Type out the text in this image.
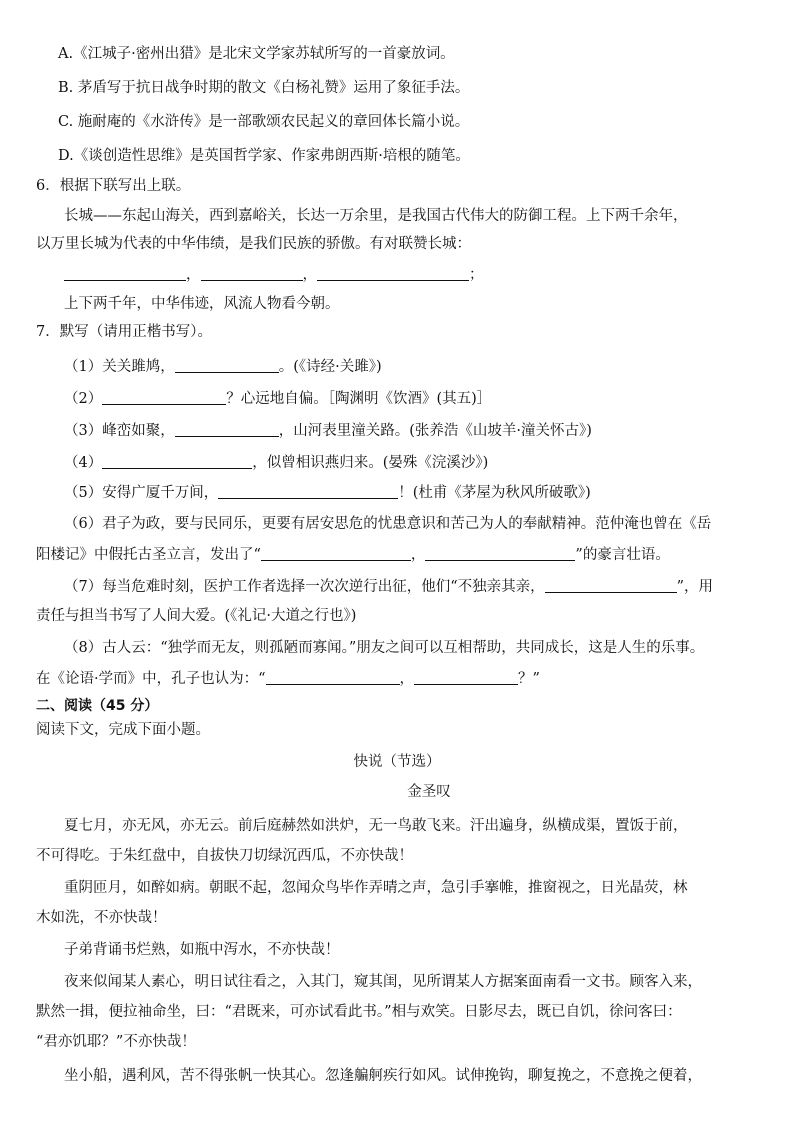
A.《江城子·密州出猎》是北宋文学家苏轼所写的一首豪放词。
B. 茅盾写于抗日战争时期的散文《白杨礼赞》运用了象征手法。
C. 施耐庵的《水浒传》是一部歌颂农民起义的章回体长篇小说。
D.《谈创造性思维》是英国哲学家、作家弗朗西斯·培根的随笔。
6．根据下联写出上联。
长城——东起山海关，西到嘉峪关，长达一万余里，是我国古代伟大的防御工程。上下两千余年，
以万里长城为代表的中华伟绩，是我们民族的骄傲。有对联赞长城：
，	，	；
上下两千年，中华伟迹，风流人物看今朝。
7．默写（请用正楷书写）。
（1）关关雎鸠，	。(《诗经·关雎》)
（2）	？心远地自偏。［陶渊明《饮酒》(其五)］
（3）峰峦如聚，	，山河表里潼关路。(张养浩《山坡羊·潼关怀古》)
（4）	，似曾相识燕归来。(晏殊《浣溪沙》)
（5）安得广厦千万间，	！(杜甫《茅屋为秋风所破歌》)
（6）君子为政，要与民同乐，更要有居安思危的忧患意识和苦己为人的奉献精神。范仲淹也曾在《岳
阳楼记》中假托古圣立言，发出了“	，	”的豪言壮语。
（7）每当危难时刻，医护工作者选择一次次逆行出征，他们“不独亲其亲，	”，用
责任与担当书写了人间大爱。(《礼记·大道之行也》)
（8）古人云：“独学而无友，则孤陋而寡闻。”朋友之间可以互相帮助，共同成长，这是人生的乐事。
在《论语·学而》中，孔子也认为：“	，	？”
二、阅读（45 分）
阅读下文，完成下面小题。
快说（节选）
金圣叹
夏七月，亦无风，亦无云。前后庭赫然如洪炉，无一鸟敢飞来。汗出遍身，纵横成渠，置饭于前，
不可得吃。于朱红盘中，自拔快刀切绿沉西瓜，不亦快哉！
重阴匝月，如醉如病。朝眠不起，忽闻众鸟毕作弄晴之声，急引手搴帷，推窗视之，日光晶荧，林
木如洗，不亦快哉！
子弟背诵书烂熟，如瓶中泻水，不亦快哉！
夜来似闻某人素心，明日试往看之，入其门，窥其闺，见所谓某人方据案面南看一文书。顾客入来，
默然一揖，便拉袖命坐，曰：“君既来，可亦试看此书。”相与欢笑。日影尽去，既已自饥，徐问客曰：
“君亦饥耶？”不亦快哉！
坐小船，遇利风，苦不得张帆一快其心。忽逢艑舸疾行如风。试伸挽钩，聊复挽之，不意挽之便着，
